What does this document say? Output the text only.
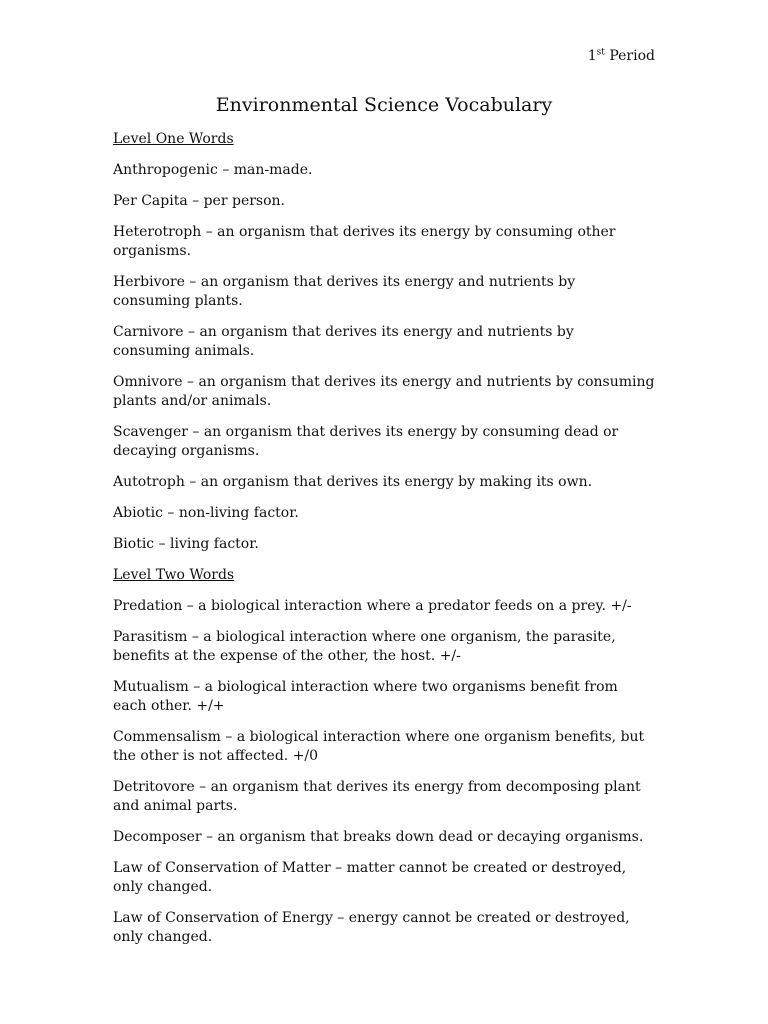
1st Period
Environmental Science Vocabulary

Level One Words

Anthropogenic – man-made.

Per Capita – per person.

Heterotroph – an organism that derives its energy by consuming other organisms.

Herbivore – an organism that derives its energy and nutrients by consuming plants.

Carnivore – an organism that derives its energy and nutrients by consuming animals.

Omnivore – an organism that derives its energy and nutrients by consuming plants and/or animals.

Scavenger – an organism that derives its energy by consuming dead or decaying organisms.

Autotroph – an organism that derives its energy by making its own.

Abiotic – non-living factor.

Biotic – living factor.

Level Two Words

Predation – a biological interaction where a predator feeds on a prey. +/-

Parasitism – a biological interaction where one organism, the parasite, benefits at the expense of the other, the host. +/-

Mutualism – a biological interaction where two organisms benefit from each other. +/+

Commensalism – a biological interaction where one organism benefits, but the other is not affected. +/0

Detritovore – an organism that derives its energy from decomposing plant and animal parts.

Decomposer – an organism that breaks down dead or decaying organisms.

Law of Conservation of Matter – matter cannot be created or destroyed, only changed.

Law of Conservation of Energy – energy cannot be created or destroyed, only changed.
